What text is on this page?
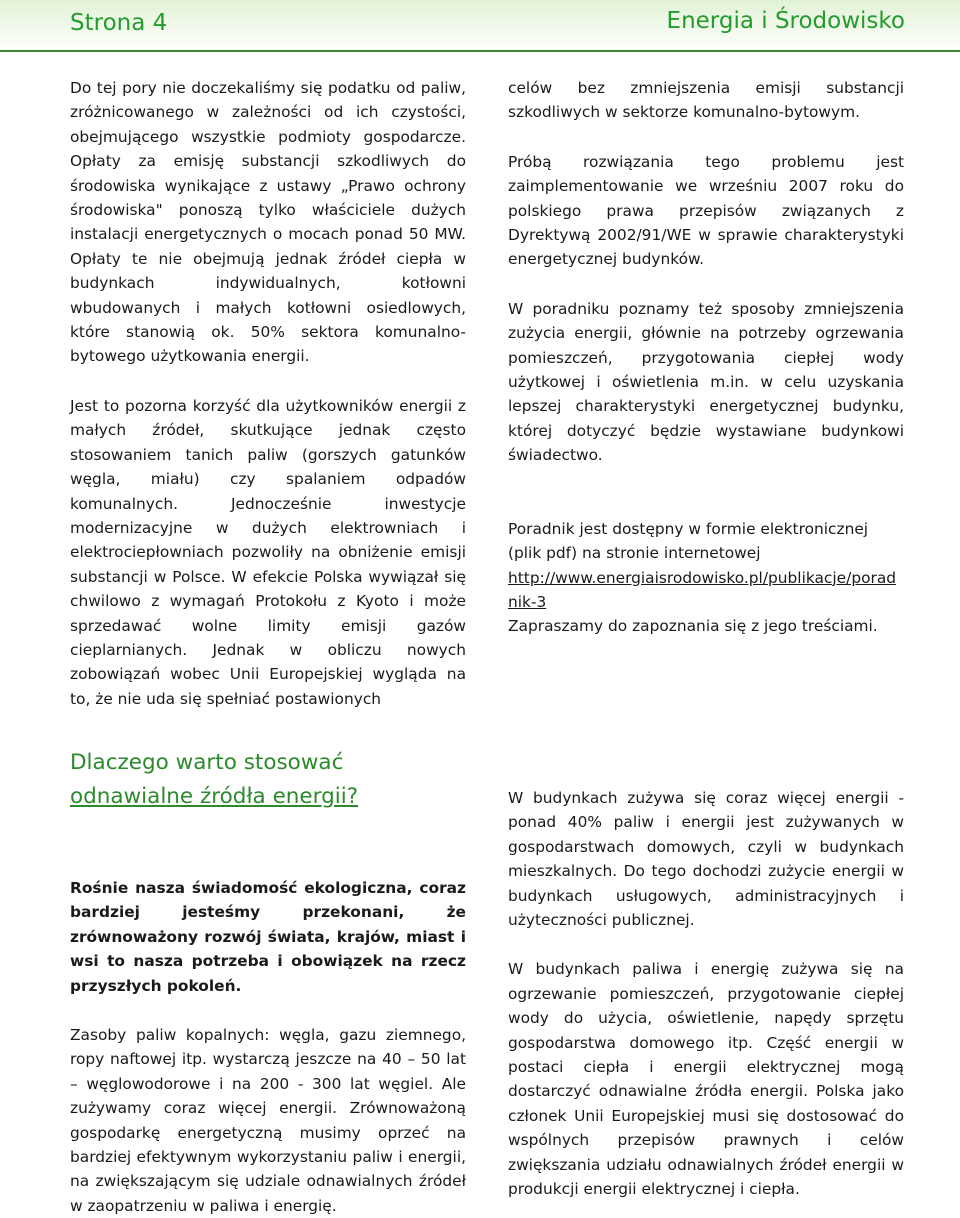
Strona 4	Energia i Środowisko

Do tej pory nie doczekaliśmy się podatku od paliw, zróżnicowanego w zależności od ich czystości, obejmującego wszystkie podmioty gospodarcze. Opłaty za emisję substancji szkodliwych do środowiska wynikające z ustawy „Prawo ochrony środowiska" ponoszą tylko właściciele dużych instalacji energetycznych o mocach ponad 50 MW. Opłaty te nie obejmują jednak źródeł ciepła w budynkach indywidualnych, kotłowni wbudowanych i małych kotłowni osiedlowych, które stanowią ok. 50% sektora komunalno-bytowego użytkowania energii.

Jest to pozorna korzyść dla użytkowników energii z małych źródeł, skutkujące jednak często stosowaniem tanich paliw (gorszych gatunków węgla, miału) czy spalaniem odpadów komunalnych. Jednocześnie inwestycje modernizacyjne w dużych elektrowniach i elektrociepłowniach pozwoliły na obniżenie emisji substancji w Polsce. W efekcie Polska wywiązał się chwilowo z wymagań Protokołu z Kyoto i może sprzedawać wolne limity emisji gazów cieplarnianych. Jednak w obliczu nowych zobowiązań wobec Unii Europejskiej wygląda na to, że nie uda się spełniać postawionych

celów bez zmniejszenia emisji substancji szkodliwych w sektorze komunalno-bytowym.

Próbą rozwiązania tego problemu jest zaimplementowanie we wrześniu 2007 roku do polskiego prawa przepisów związanych z Dyrektywą 2002/91/WE w sprawie charakterystyki energetycznej budynków.

W poradniku poznamy też sposoby zmniejszenia zużycia energii, głównie na potrzeby ogrzewania pomieszczeń, przygotowania ciepłej wody użytkowej i oświetlenia m.in. w celu uzyskania lepszej charakterystyki energetycznej budynku, której dotyczyć będzie wystawiane budynkowi świadectwo.

Poradnik jest dostępny w formie elektronicznej
(plik pdf) na stronie internetowej
http://www.energiaisrodowisko.pl/publikacje/poradnik-3
Zapraszamy do zapoznania się z jego treściami.

Dlaczego warto stosować
odnawialne źródła energii?

Rośnie nasza świadomość ekologiczna, coraz bardziej jesteśmy przekonani, że zrównoważony rozwój świata, krajów, miast i wsi to nasza potrzeba i obowiązek na rzecz przyszłych pokoleń.

Zasoby paliw kopalnych: węgla, gazu ziemnego, ropy naftowej itp. wystarczą jeszcze na 40 – 50 lat – węglowodorowe i na 200 - 300 lat węgiel. Ale zużywamy coraz więcej energii. Zrównoważoną gospodarkę energetyczną musimy oprzeć na bardziej efektywnym wykorzystaniu paliw i energii, na zwiększającym się udziale odnawialnych źródeł w zaopatrzeniu w paliwa i energię.

W budynkach zużywa się coraz więcej energii - ponad 40% paliw i energii jest zużywanych w gospodarstwach domowych, czyli w budynkach mieszkalnych. Do tego dochodzi zużycie energii w budynkach usługowych, administracyjnych i użyteczności publicznej.

W budynkach paliwa i energię zużywa się na ogrzewanie pomieszczeń, przygotowanie ciepłej wody do użycia, oświetlenie, napędy sprzętu gospodarstwa domowego itp. Część energii w postaci ciepła i energii elektrycznej mogą dostarczyć odnawialne źródła energii. Polska jako członek Unii Europejskiej musi się dostosować do wspólnych przepisów prawnych i celów zwiększania udziału odnawialnych źródeł energii w produkcji energii elektrycznej i ciepła.
